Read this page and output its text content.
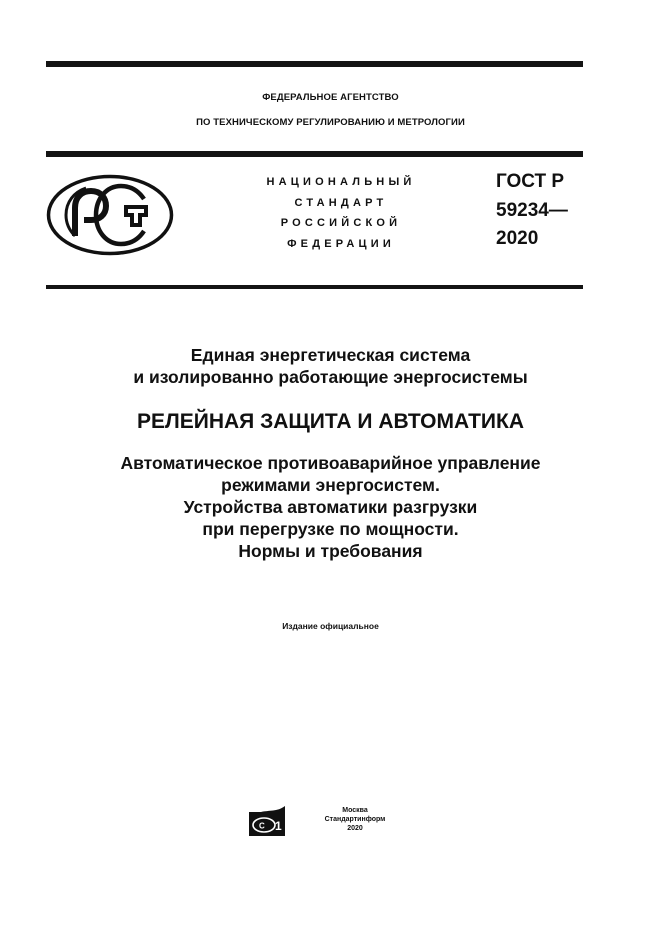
ФЕДЕРАЛЬНОЕ АГЕНТСТВО
ПО ТЕХНИЧЕСКОМУ РЕГУЛИРОВАНИЮ И МЕТРОЛОГИИ
НАЦИОНАЛЬНЫЙ
СТАНДАРТ
РОССИЙСКОЙ
ФЕДЕРАЦИИ
ГОСТ Р
59234—
2020
Единая энергетическая система
и изолированно работающие энергосистемы
РЕЛЕЙНАЯ ЗАЩИТА И АВТОМАТИКА
Автоматическое противоаварийное управление
режимами энергосистем.
Устройства автоматики разгрузки
при перегрузке по мощности.
Нормы и требования
Издание официальное
С 1
Москва
Стандартинформ
2020
